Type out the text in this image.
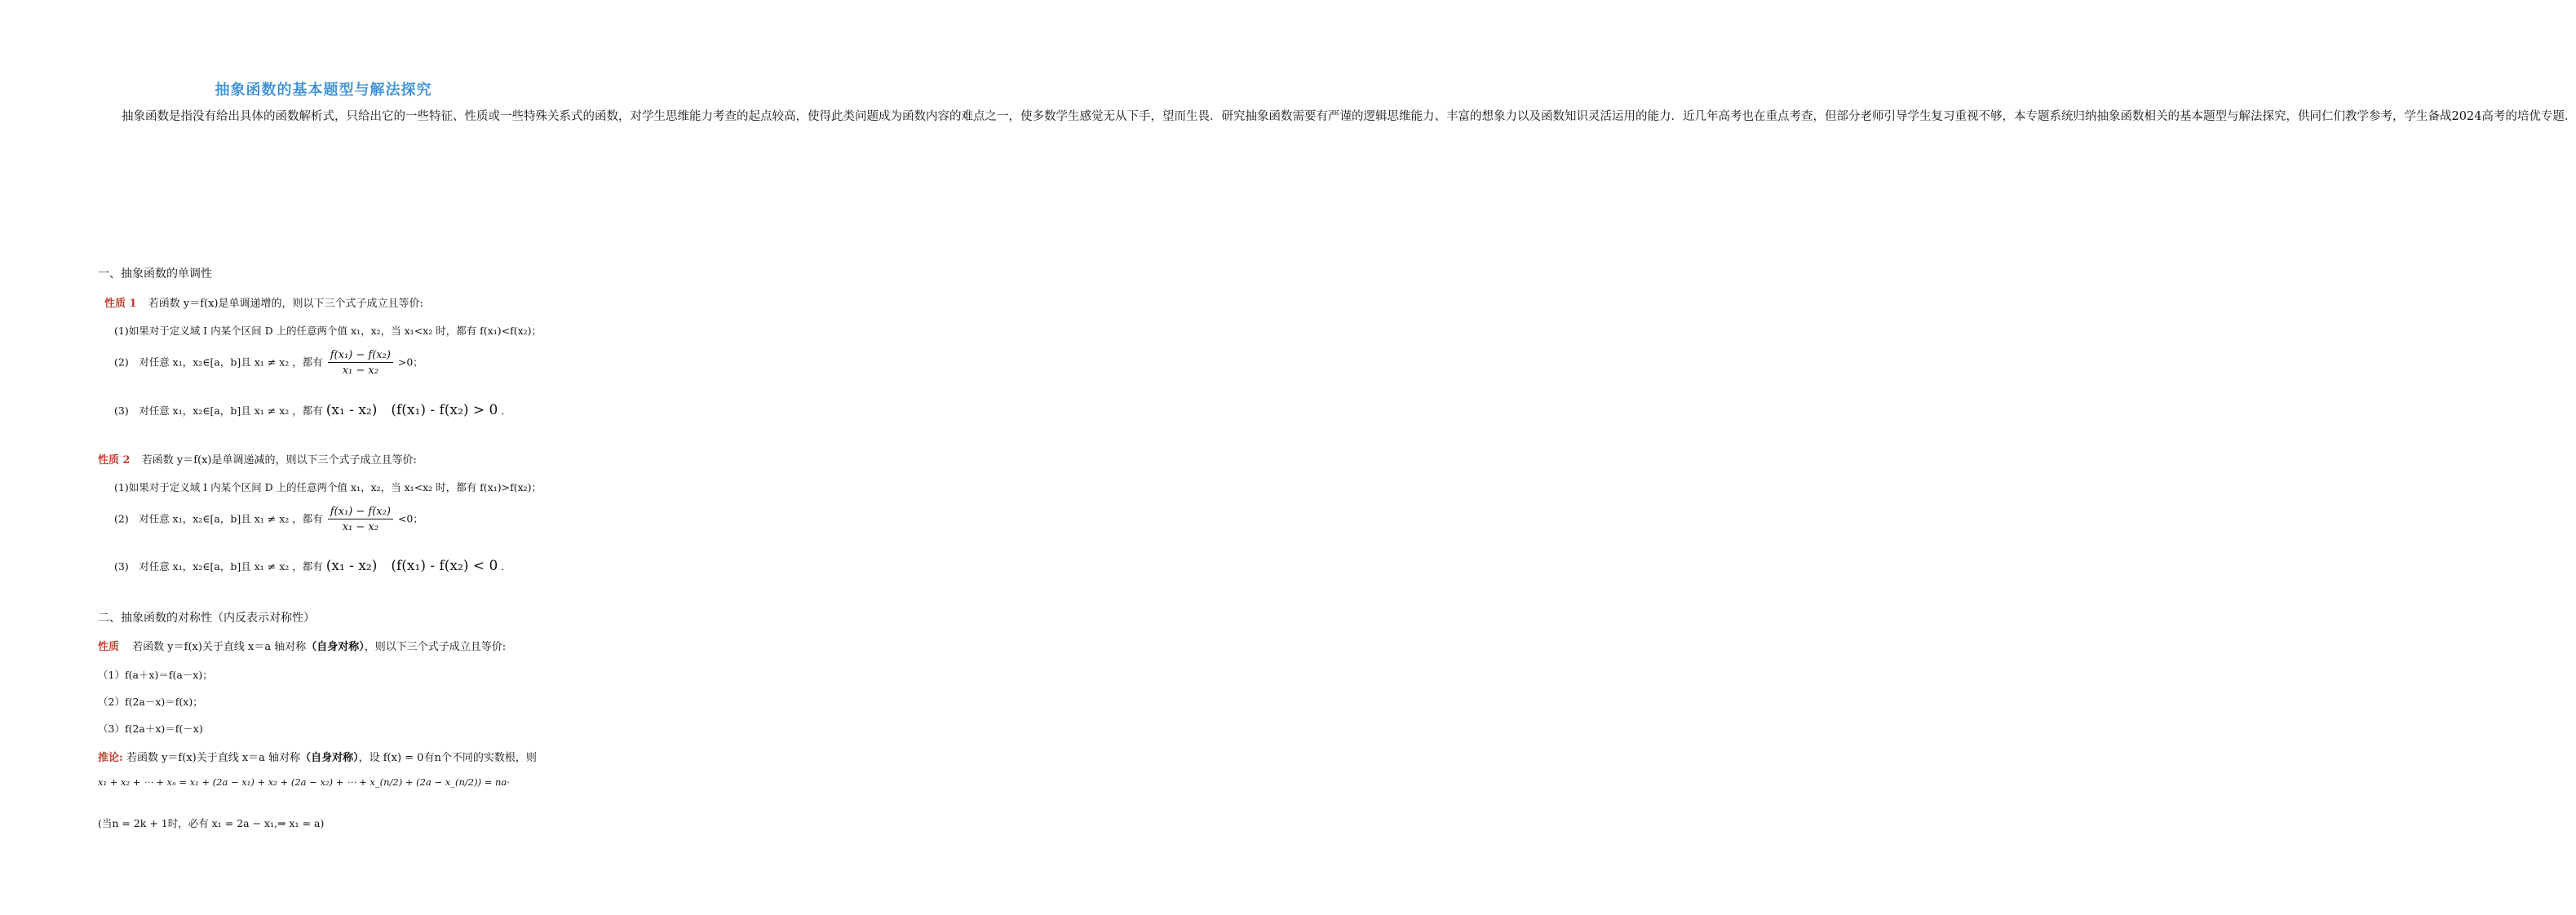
抽象函数的基本题型与解法探究

抽象函数是指没有给出具体的函数解析式，只给出它的一些特征、性质或一些特殊关系式的函数，对学生思维能力考查的起点较高，使得此类问题成为函数内容的难点之一，使多数学生感觉无从下手，望而生畏．研究抽象函数需要有严谨的逻辑思维能力、丰富的想象力以及函数知识灵活运用的能力．近几年高考也在重点考查，但部分老师引导学生复习重视不够，本专题系统归纳抽象函数相关的基本题型与解法探究，供同仁们教学参考，学生备战2024高考的培优专题．

一、抽象函数的单调性
性质 1 若函数 y＝f(x)是单调递增的，则以下三个式子成立且等价:
(1)如果对于定义域 I 内某个区间 D 上的任意两个值 x₁，x₂，当 x₁<x₂ 时，都有 f(x₁)<f(x₂)；
(2)　对任意 x₁，x₂∈[a，b]且 x₁ ≠ x₂ ，都有 $\frac{\text{f(x₁) − f(x₂)}}{\text{x₁ − x₂}} >0$；
(3)　对任意 x₁，x₂∈[a，b]且 x₁ ≠ x₂ ，都有 (x₁ - x₂)　(f(x₁) - f(x₂) > 0 ．
性质 2 若函数 y＝f(x)是单调递减的，则以下三个式子成立且等价:
(1)如果对于定义域 I 内某个区间 D 上的任意两个值 x₁，x₂，当 x₁<x₂ 时，都有 f(x₁)>f(x₂)；
(2)　对任意 x₁，x₂∈[a，b]且 x₁ ≠ x₂ ，都有 $\frac{\text{f(x₁) − f(x₂)}}{\text{x₁ − x₂}} <0$；
(3)　对任意 x₁，x₂∈[a，b]且 x₁ ≠ x₂ ，都有 (x₁ - x₂)　(f(x₁) - f(x₂) < 0 ．
二、抽象函数的对称性（内反表示对称性）
性质 若函数 y＝f(x)关于直线 x＝a 轴对称（自身对称），则以下三个式子成立且等价:
（1）f(a＋x)＝f(a－x)；
（2）f(2a－x)＝f(x)；
（3）f(2a＋x)＝f(－x)
推论: 若函数 y＝f(x)关于直线 x＝a 轴对称（自身对称），设 f(x) = 0有n个不同的实数根，则
x₁ + x₂ + ⋯ + xₙ = x₁ + (2a − x₁) + x₂ + (2a − x₂) + ⋯ + x_(n/2) + (2a − x_(n/2)) = na·
(当n = 2k + 1时，必有 x₁ = 2a − x₁,⇒ x₁ = a)
